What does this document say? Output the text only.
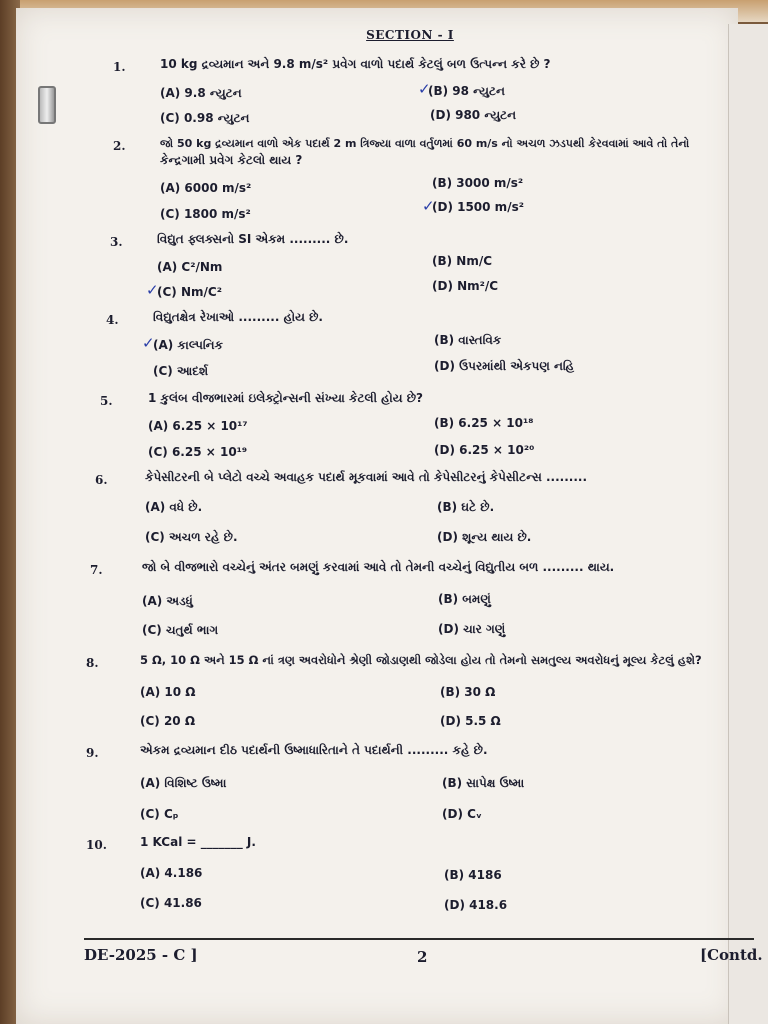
SECTION - I
1.	10 kg દ્રવ્યમાન અને 9.8 m/s² પ્રવેગ વાળો પદાર્થ કેટલું બળ ઉત્પન્ન કરે છે ?
(A) 9.8 ન્યુટન	(B) 98 ન્યુટન
(C) 0.98 ન્યુટન	(D) 980 ન્યુટન
✓
2.	જો 50 kg દ્રવ્યમાન વાળો એક પદાર્થ 2 m ત્રિજ્યા વાળા વર્તુળમાં 60 m/s નો અચળ ઝડપથી કેરવવામાં આવે તો તેનો
કેન્દ્રગામી પ્રવેગ કેટલો થાય ?
(A) 6000 m/s²	(B) 3000 m/s²
(C) 1800 m/s²	(D) 1500 m/s²
✓
3.	વિદ્યુત ફ્લક્સનો SI એકમ ......... છે.
(A) C²/Nm	(B) Nm/C
(C) Nm/C²	(D) Nm²/C
✓
4.	વિદ્યુતક્ષેત્ર રેખાઓ ......... હોય છે.
(A) કાલ્પનિક	(B) વાસ્તવિક
(C) આદર્શ	(D) ઉપરમાંથી એકપણ નહિ
✓
5.	1 કુલંબ વીજભારમાં ઇલેક્ટ્રોન્સની સંખ્યા કેટલી હોય છે?
(A) 6.25 × 10¹⁷	(B) 6.25 × 10¹⁸
(C) 6.25 × 10¹⁹	(D) 6.25 × 10²⁰
6.	કેપેસીટરની બે પ્લેટો વચ્ચે અવાહક પદાર્થ મૂકવામાં આવે તો કેપેસીટરનું કેપેસીટન્સ .........
(A) વધે છે.	(B) ઘટે છે.
(C) અચળ રહે છે.	(D) શૂન્ય થાય છે.
7.	જો બે વીજભારો વચ્ચેનું અંતર બમણું કરવામાં આવે તો તેમની વચ્ચેનું વિદ્યુતીય બળ ......... થાય.
(A) અડધું	(B) બમણું
(C) ચતુર્થ ભાગ	(D) ચાર ગણું
8.	5 Ω, 10 Ω અને 15 Ω નાં ત્રણ અવરોધોને શ્રેણી જોડાણથી જોડેલા હોય તો તેમનો સમતુલ્ય અવરોધનું મૂલ્ય કેટલું હશે?
(A) 10 Ω	(B) 30 Ω
(C) 20 Ω	(D) 5.5 Ω
9.	એકમ દ્રવ્યમાન દીઠ પદાર્થની ઉષ્માધારિતાને તે પદાર્થની ......... કહે છે.
(A) વિશિષ્ટ ઉષ્મા	(B) સાપેક્ષ ઉષ્મા
(C) Cₚ	(D) Cᵥ
10.	1 KCal = _______ J.
(A) 4.186	(B) 4186
(C) 41.86	(D) 418.6
DE-2025 - C ]	2	[Contd.
